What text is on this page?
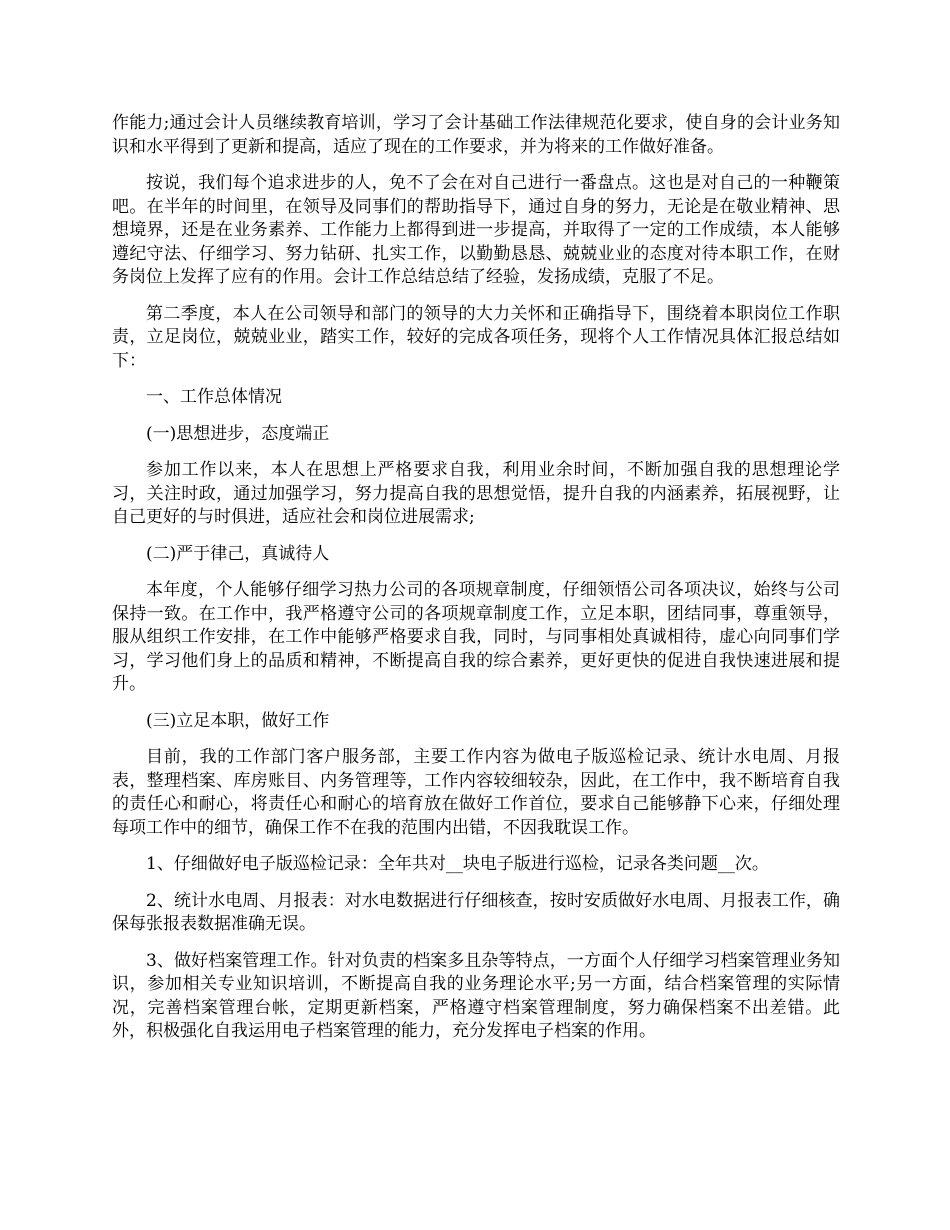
作能力;通过会计人员继续教育培训，学习了会计基础工作法律规范化要求，使自身的会计业务知识和水平得到了更新和提高，适应了现在的工作要求，并为将来的工作做好准备。

按说，我们每个追求进步的人，免不了会在对自己进行一番盘点。这也是对自己的一种鞭策吧。在半年的时间里，在领导及同事们的帮助指导下，通过自身的努力，无论是在敬业精神、思想境界，还是在业务素养、工作能力上都得到进一步提高，并取得了一定的工作成绩，本人能够遵纪守法、仔细学习、努力钻研、扎实工作，以勤勤恳恳、兢兢业业的态度对待本职工作，在财务岗位上发挥了应有的作用。会计工作总结总结了经验，发扬成绩，克服了不足。

第二季度，本人在公司领导和部门的领导的大力关怀和正确指导下，围绕着本职岗位工作职责，立足岗位，兢兢业业，踏实工作，较好的完成各项任务，现将个人工作情况具体汇报总结如下：

一、工作总体情况

(一)思想进步，态度端正

参加工作以来，本人在思想上严格要求自我，利用业余时间，不断加强自我的思想理论学习，关注时政，通过加强学习，努力提高自我的思想觉悟，提升自我的内涵素养，拓展视野，让自己更好的与时俱进，适应社会和岗位进展需求;

(二)严于律己，真诚待人

本年度，个人能够仔细学习热力公司的各项规章制度，仔细领悟公司各项决议，始终与公司保持一致。在工作中，我严格遵守公司的各项规章制度工作，立足本职，团结同事，尊重领导，服从组织工作安排，在工作中能够严格要求自我，同时，与同事相处真诚相待，虚心向同事们学习，学习他们身上的品质和精神，不断提高自我的综合素养，更好更快的促进自我快速进展和提升。

(三)立足本职，做好工作

目前，我的工作部门客户服务部，主要工作内容为做电子版巡检记录、统计水电周、月报表，整理档案、库房账目、内务管理等，工作内容较细较杂，因此，在工作中，我不断培育自我的责任心和耐心，将责任心和耐心的培育放在做好工作首位，要求自己能够静下心来，仔细处理每项工作中的细节，确保工作不在我的范围内出错，不因我耽误工作。

1、仔细做好电子版巡检记录：全年共对__块电子版进行巡检，记录各类问题__次。

2、统计水电周、月报表：对水电数据进行仔细核查，按时安质做好水电周、月报表工作，确保每张报表数据准确无误。

3、做好档案管理工作。针对负责的档案多且杂等特点，一方面个人仔细学习档案管理业务知识，参加相关专业知识培训，不断提高自我的业务理论水平;另一方面，结合档案管理的实际情况，完善档案管理台帐，定期更新档案，严格遵守档案管理制度，努力确保档案不出差错。此外，积极强化自我运用电子档案管理的能力，充分发挥电子档案的作用。
